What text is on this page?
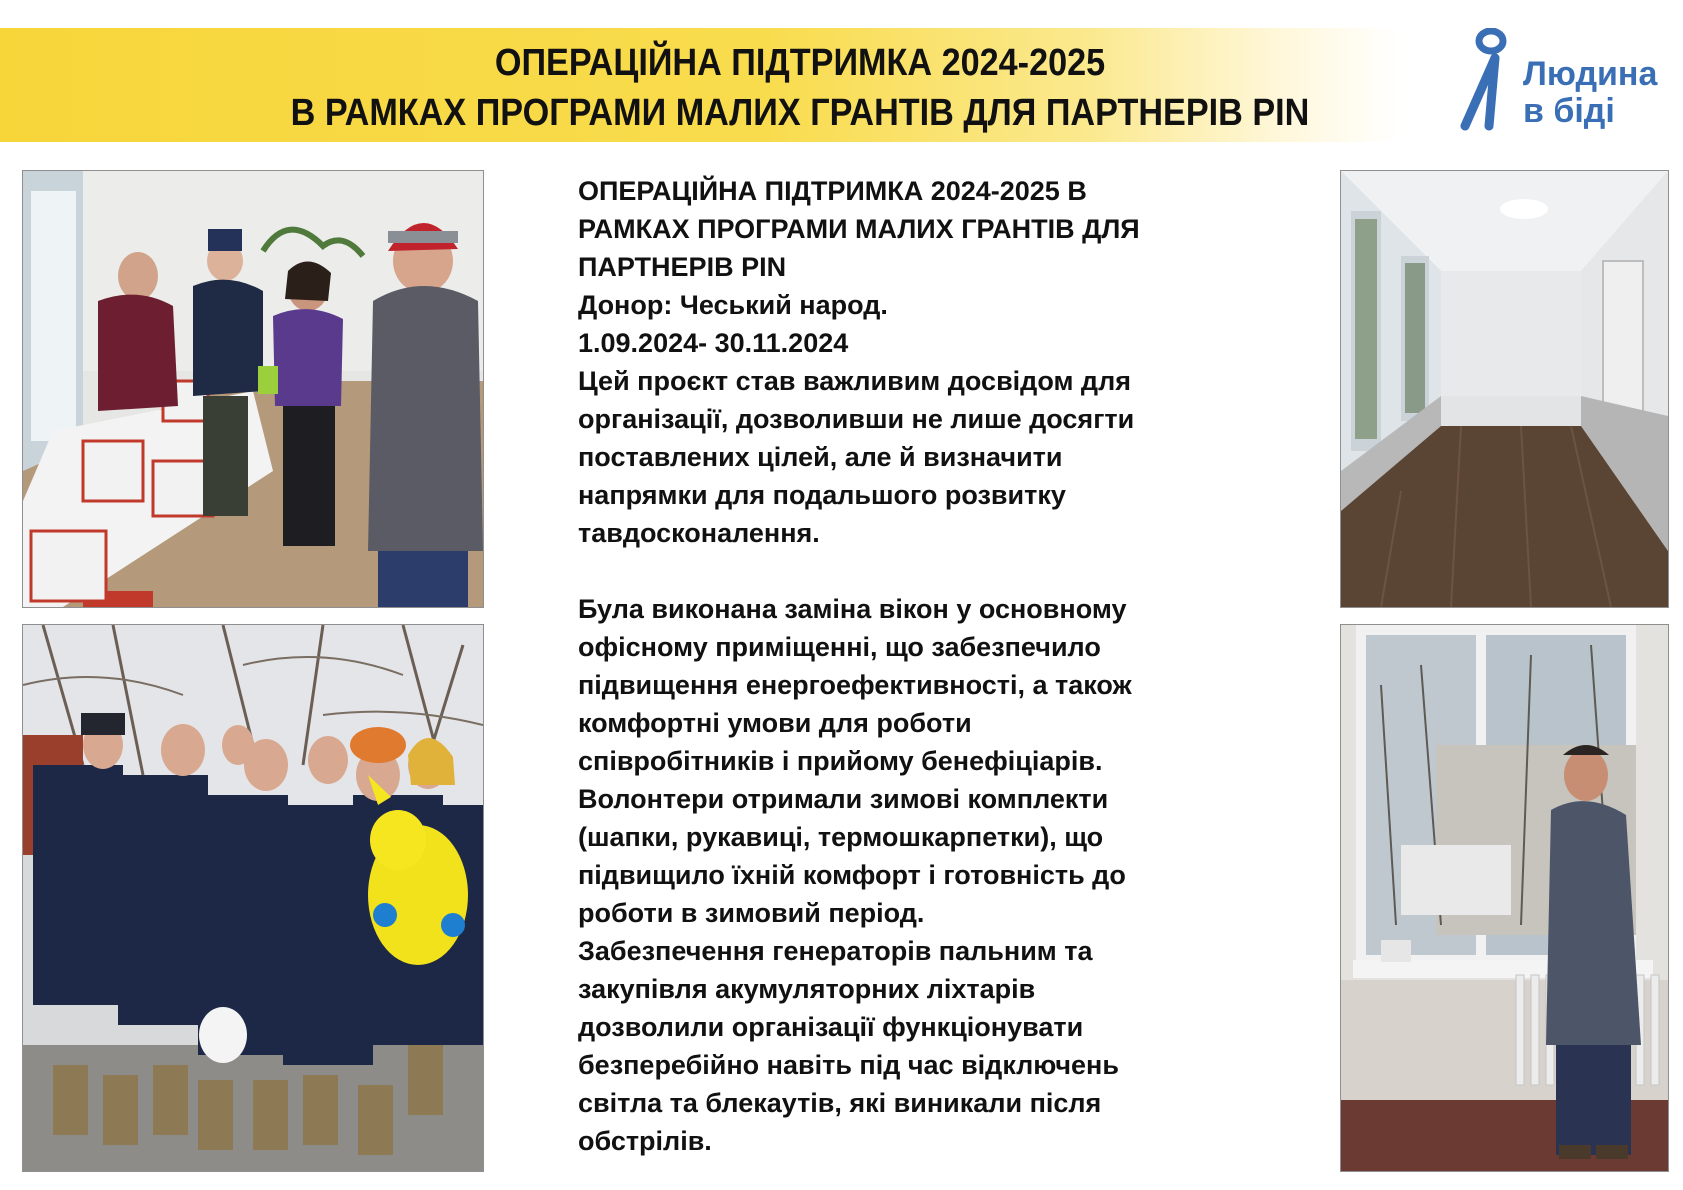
ОПЕРАЦІЙНА ПІДТРИМКА 2024-2025
В РАМКАХ ПРОГРАМИ МАЛИХ ГРАНТІВ ДЛЯ ПАРТНЕРІВ PIN
Людина
в біді

ОПЕРАЦІЙНА ПІДТРИМКА 2024-2025 В

РАМКАХ ПРОГРАМИ МАЛИХ ГРАНТІВ ДЛЯ

ПАРТНЕРІВ PIN

Донор: Чеський народ.

1.09.2024- 30.11.2024

Цей проєкт став важливим досвідом для

організації, дозволивши не лише досягти

поставлених цілей, але й визначити

напрямки для подальшого розвитку

тавдосконалення.

Була виконана заміна вікон у основному

офісному приміщенні, що забезпечило

підвищення енергоефективності, а також

комфортні умови для роботи

співробітників і прийому бенефіціарів.

Волонтери отримали зимові комплекти

(шапки, рукавиці, термошкарпетки), що

підвищило їхній комфорт і готовність до

роботи в зимовий період.

Забезпечення генераторів пальним та

закупівля акумуляторних ліхтарів

дозволили організації функціонувати

безперебійно навіть під час відключень

світла та блекаутів, які виникали після

обстрілів.
